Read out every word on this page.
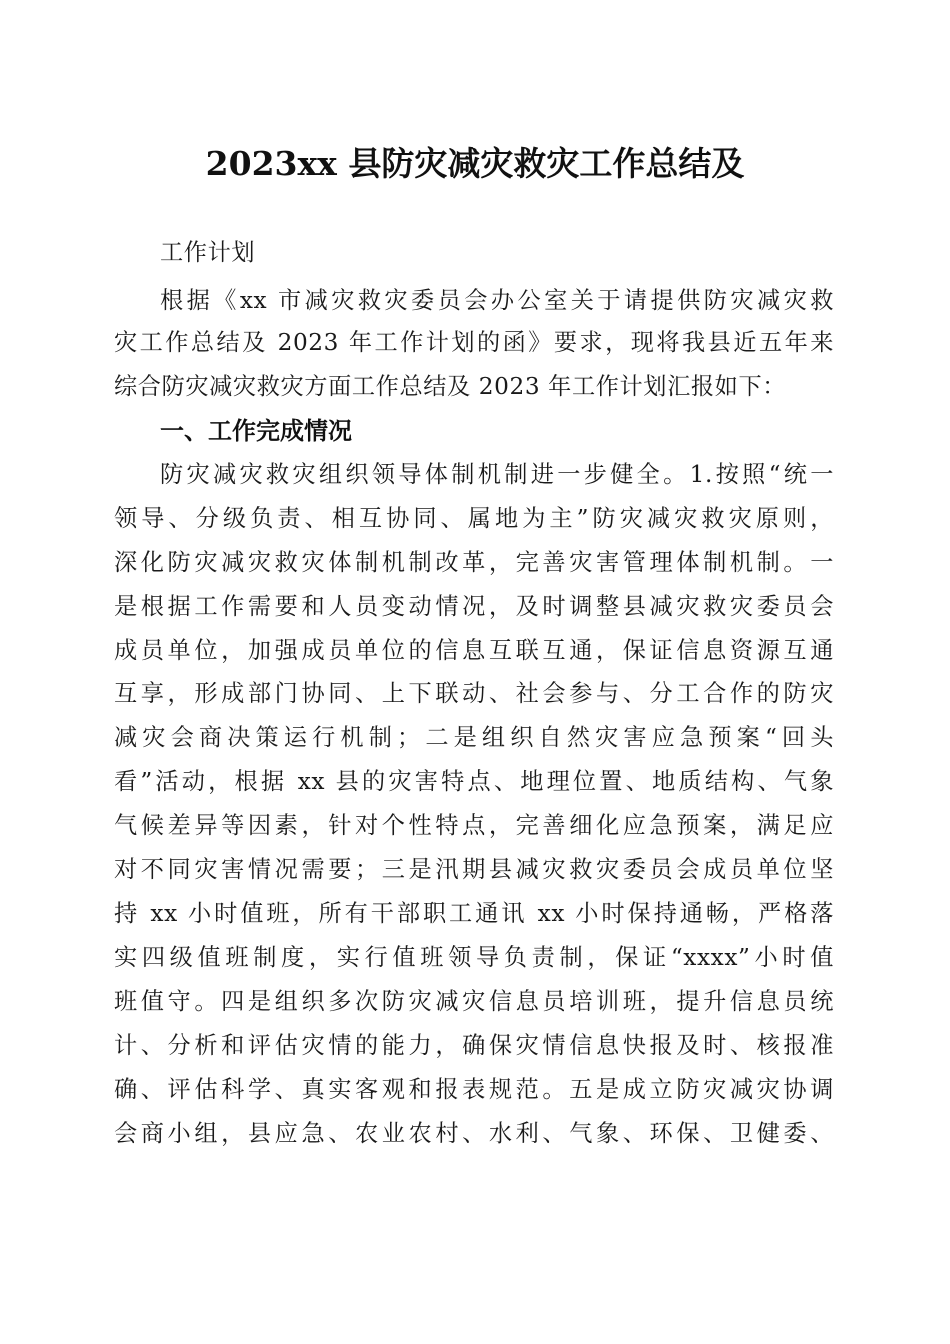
2023xx 县防灾减灾救灾工作总结及
工作计划
根据《xx 市减灾救灾委员会办公室关于请提供防灾减灾救
灾工作总结及 2023 年工作计划的函》要求，现将我县近五年来
综合防灾减灾救灾方面工作总结及 2023 年工作计划汇报如下：
一、工作完成情况
防灾减灾救灾组织领导体制机制进一步健全。1.按照“统一
领导、分级负责、相互协同、属地为主”防灾减灾救灾原则，
深化防灾减灾救灾体制机制改革，完善灾害管理体制机制。一
是根据工作需要和人员变动情况，及时调整县减灾救灾委员会
成员单位，加强成员单位的信息互联互通，保证信息资源互通
互享，形成部门协同、上下联动、社会参与、分工合作的防灾
减灾会商决策运行机制；二是组织自然灾害应急预案“回头
看”活动，根据 xx 县的灾害特点、地理位置、地质结构、气象
气候差异等因素，针对个性特点，完善细化应急预案，满足应
对不同灾害情况需要；三是汛期县减灾救灾委员会成员单位坚
持 xx 小时值班，所有干部职工通讯 xx 小时保持通畅，严格落
实四级值班制度，实行值班领导负责制，保证“xxxx”小时值
班值守。四是组织多次防灾减灾信息员培训班，提升信息员统
计、分析和评估灾情的能力，确保灾情信息快报及时、核报准
确、评估科学、真实客观和报表规范。五是成立防灾减灾协调
会商小组，县应急、农业农村、水利、气象、环保、卫健委、
